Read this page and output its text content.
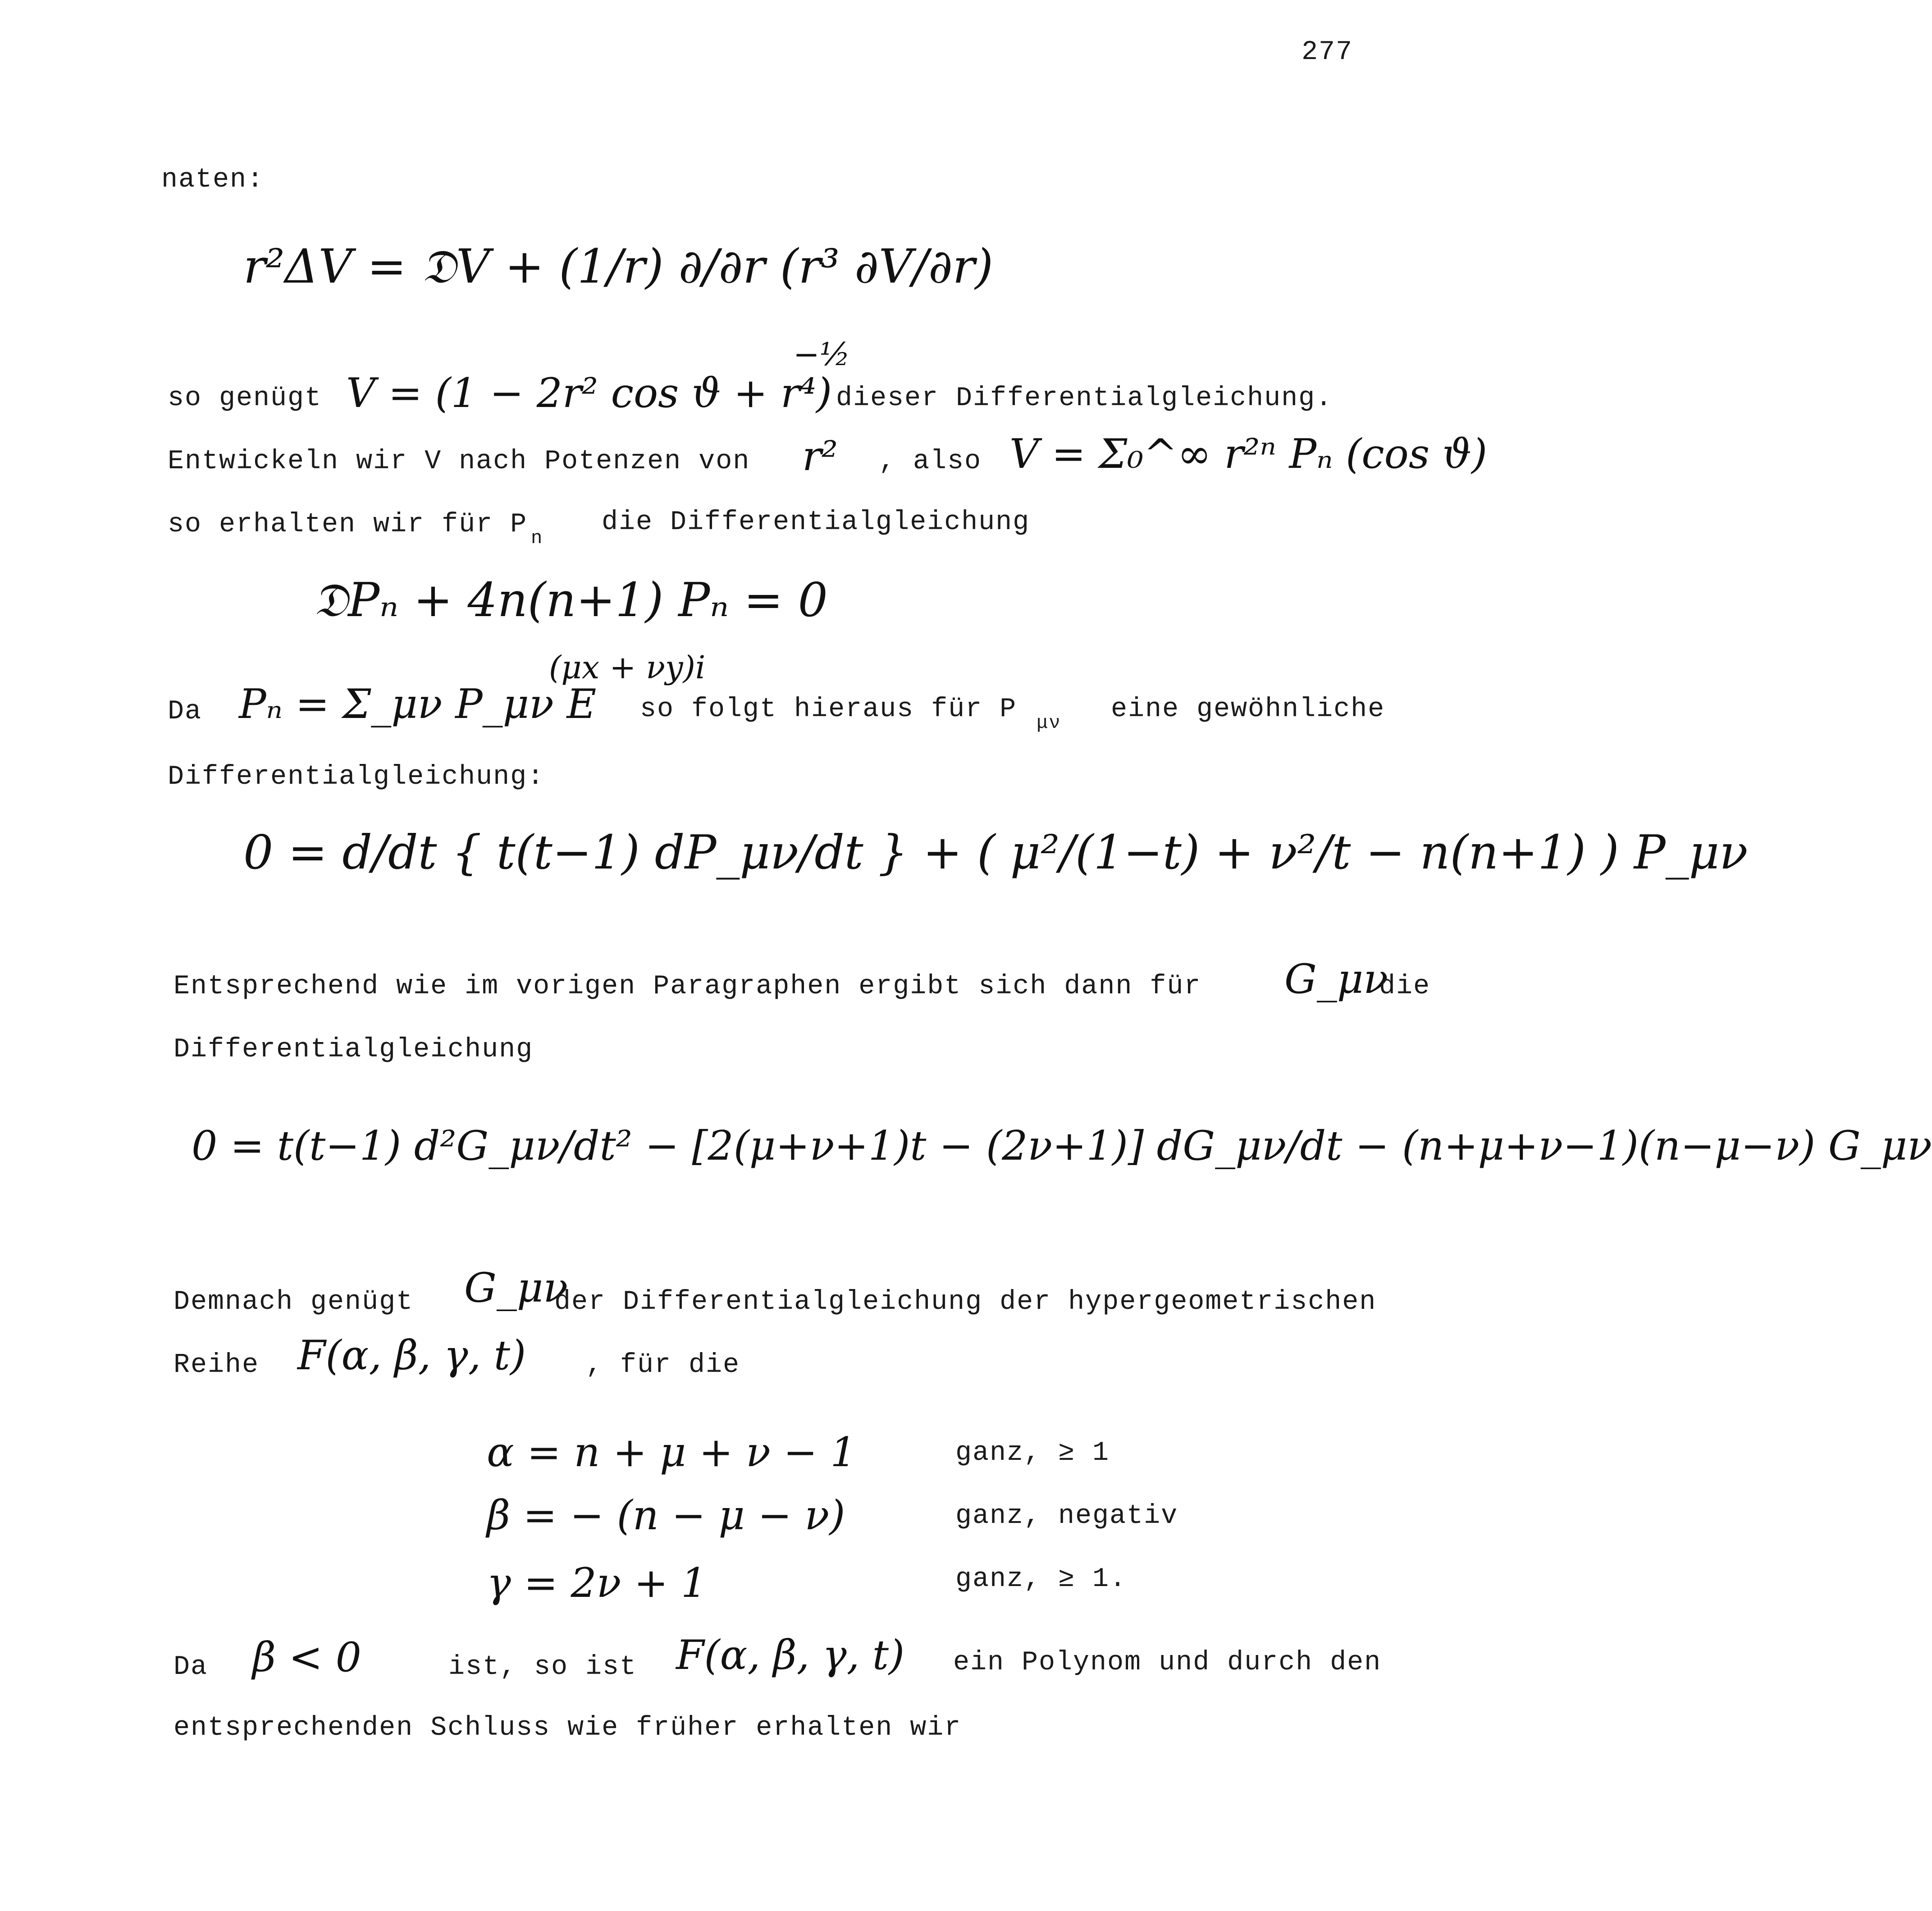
277
naten:
r²ΔV = 𝔇V + (1/r) ∂/∂r (r³ ∂V/∂r)
so genügt V = (1 − 2r² cos ϑ + r⁴)
−½
dieser Differentialgleichung.
Entwickeln wir V nach Potenzen von r² , also V = Σ₀^∞ r²ⁿ Pₙ (cos ϑ)
so erhalten wir für P n
die Differentialgleichung
𝔇Pₙ + 4n(n+1) Pₙ = 0
Da Pₙ = Σ_μν P_μν E
(μx + νy)i
so folgt hieraus für P μν eine gewöhnliche
Differentialgleichung:
0 = d/dt { t(t−1) dP_μν/dt } + ( μ²/(1−t) + ν²/t − n(n+1) ) P_μν
Entsprechend wie im vorigen Paragraphen ergibt sich dann für G_μν
die
Differentialgleichung
0 = t(t−1) d²G_μν/dt² − [2(μ+ν+1)t − (2ν+1)] dG_μν/dt − (n+μ+ν−1)(n−μ−ν) G_μν
Demnach genügt G_μν
der Differentialgleichung der hypergeometrischen
Reihe F(α, β, γ, t) , für die
α = n + μ + ν − 1	ganz, ≥ 1
β = − (n − μ − ν)	ganz, negativ
γ = 2ν + 1	ganz, ≥ 1.
Da β < 0	ist, so ist F(α, β, γ, t) ein Polynom und durch den
entsprechenden Schluss wie früher erhalten wir
